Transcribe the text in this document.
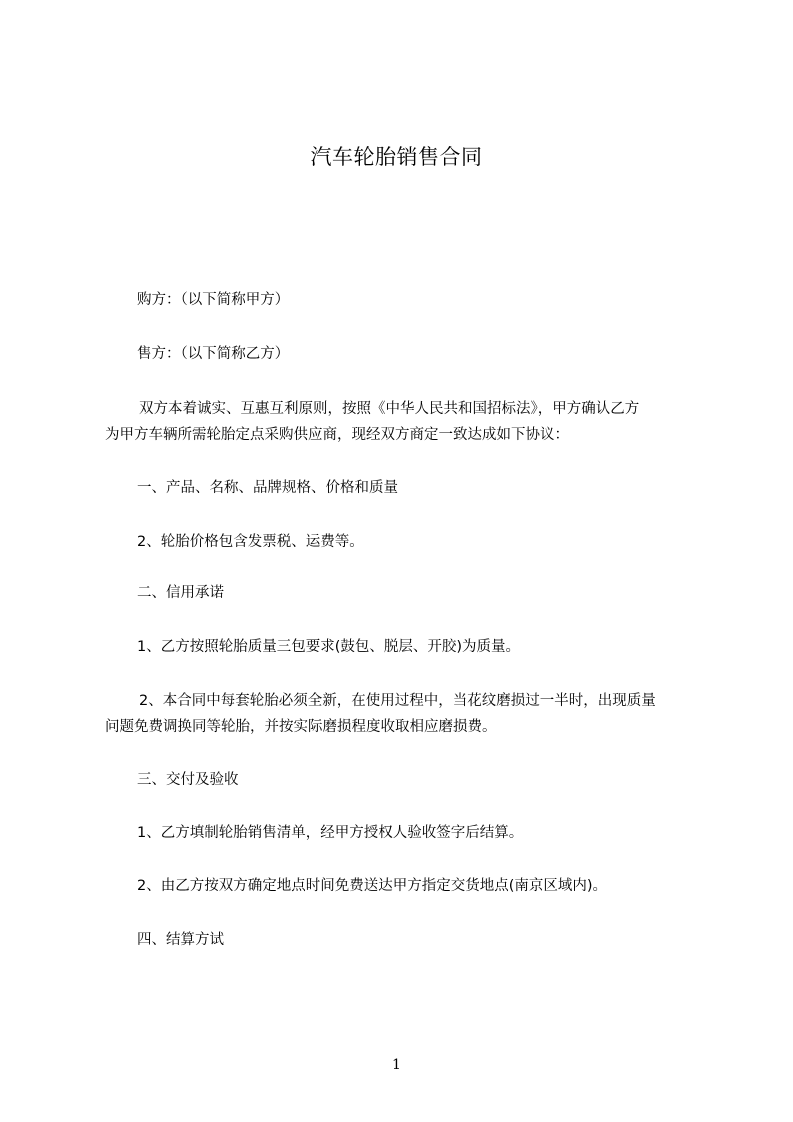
汽车轮胎销售合同
购方：（以下简称甲方）
售方：（以下简称乙方）
双方本着诚实、互惠互利原则，按照《中华人民共和国招标法》，甲方确认乙方
为甲方车辆所需轮胎定点采购供应商，现经双方商定一致达成如下协议：
一、产品、名称、品牌规格、价格和质量
2、轮胎价格包含发票税、运费等。
二、信用承诺
1、乙方按照轮胎质量三包要求(鼓包、脱层、开胶)为质量。
2、本合同中每套轮胎必须全新，在使用过程中，当花纹磨损过一半时，出现质量
问题免费调换同等轮胎，并按实际磨损程度收取相应磨损费。
三、交付及验收
1、乙方填制轮胎销售清单，经甲方授权人验收签字后结算。
2、由乙方按双方确定地点时间免费送达甲方指定交货地点(南京区域内)。
四、结算方试
1
